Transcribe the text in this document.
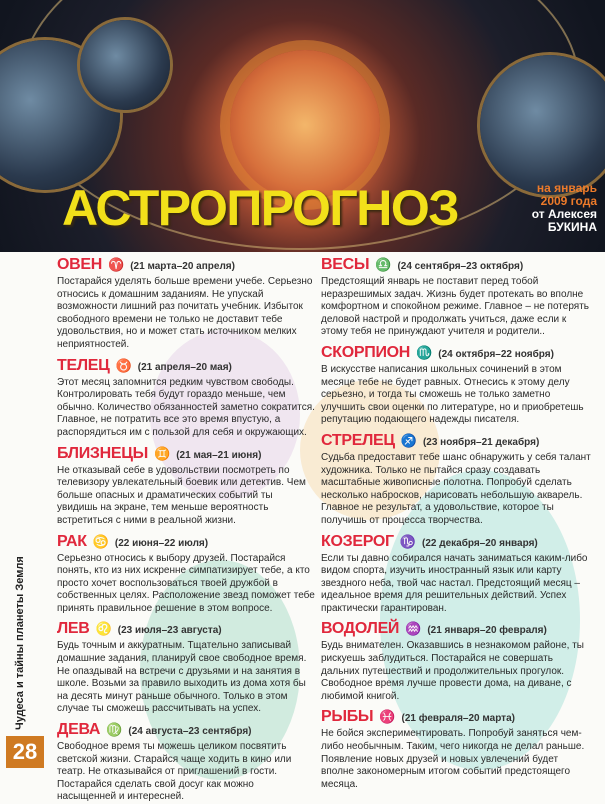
АСТРОПРОГНОЗ	на январь
2009 года
от Алексея
БУКИНА
Чудеса и тайны планеты Земля
28
ОВЕН ♈ (21 марта–20 апреля)
Постарайся уделять больше времени учебе. Серьезно относись к домашним заданиям. Не упускай возможности лишний раз почитать учебник. Избыток свободного времени не только не доставит тебе удовольствия, но и может стать источником мелких неприятностей.
ТЕЛЕЦ ♉ (21 апреля–20 мая)
Этот месяц запомнится редким чувством свободы. Контролировать тебя будут гораздо меньше, чем обычно. Количество обязанностей заметно сократится. Главное, не потратить все это время впустую, а распорядиться им с пользой для себя и окружающих.
БЛИЗНЕЦЫ ♊ (21 мая–21 июня)
Не отказывай себе в удовольствии посмотреть по телевизору увлекательный боевик или детектив. Чем больше опасных и драматических событий ты увидишь на экране, тем меньше вероятность встретиться с ними в реальной жизни.
РАК ♋ (22 июня–22 июля)
Серьезно относись к выбору друзей. Постарайся понять, кто из них искренне симпатизирует тебе, а кто просто хочет воспользоваться твоей дружбой в собственных целях. Расположение звезд поможет тебе принять правильное решение в этом вопросе.
ЛЕВ ♌ (23 июля–23 августа)
Будь точным и аккуратным. Тщательно записывай домашние задания, планируй свое свободное время. Не опаздывай на встречи с друзьями и на занятия в школе. Возьми за правило выходить из дома хотя бы на десять минут раньше обычного. Только в этом случае ты сможешь рассчитывать на успех.
ДЕВА ♍ (24 августа–23 сентября)
Свободное время ты можешь целиком посвятить светской жизни. Старайся чаще ходить в кино или театр. Не отказывайся от приглашений в гости. Постарайся сделать свой досуг как можно насыщенней и интересней.
ВЕСЫ ♎ (24 сентября–23 октября)
Предстоящий январь не поставит перед тобой неразрешимых задач. Жизнь будет протекать во вполне комфортном и спокойном режиме. Главное – не потерять деловой настрой и продолжать учиться, даже если к этому тебя не принуждают учителя и родители..
СКОРПИОН ♏ (24 октября–22 ноября)
В искусстве написания школьных сочинений в этом месяце тебе не будет равных. Отнесись к этому делу серьезно, и тогда ты сможешь не только заметно улучшить свои оценки по литературе, но и приобретешь репутацию подающего надежды писателя.
СТРЕЛЕЦ ♐ (23 ноября–21 декабря)
Судьба предоставит тебе шанс обнаружить у себя талант художника. Только не пытайся сразу создавать масштабные живописные полотна. Попробуй сделать несколько набросков, нарисовать небольшую акварель. Главное не результат, а удовольствие, которое ты получишь от процесса творчества.
КОЗЕРОГ ♑ (22 декабря–20 января)
Если ты давно собирался начать заниматься каким-либо видом спорта, изучить иностранный язык или карту звездного неба, твой час настал. Предстоящий месяц – идеальное время для решительных действий. Успех практически гарантирован.
ВОДОЛЕЙ ♒ (21 января–20 февраля)
Будь внимателен. Оказавшись в незнакомом районе, ты рискуешь заблудиться. Постарайся не совершать дальних путешествий и продолжительных прогулок. Свободное время лучше провести дома, на диване, с любимой книгой.
РЫБЫ ♓ (21 февраля–20 марта)
Не бойся экспериментировать. Попробуй заняться чем-либо необычным. Таким, чего никогда не делал раньше. Появление новых друзей и новых увлечений будет вполне закономерным итогом событий предстоящего месяца.
